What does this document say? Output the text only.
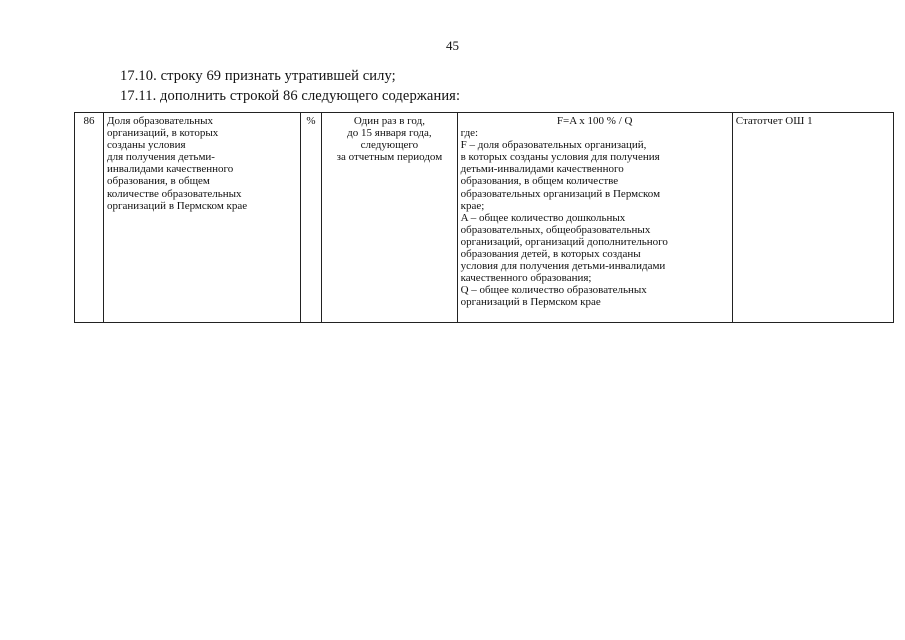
45
17.10. строку 69 признать утратившей силу;
17.11. дополнить строкой 86 следующего содержания:
86	Доля образовательных
организаций, в которых
созданы условия
для получения детьми-
инвалидами качественного
образования, в общем
количестве образовательных
организаций в Пермском крае
	%	Один раз в год,
до 15 января года,
следующего
за отчетным периодом

F=A x 100 % / Q
где:
F – доля образовательных организаций,
в которых созданы условия для получения
детьми-инвалидами качественного
образования, в общем количестве
образовательных организаций в Пермском
крае;
A – общее количество дошкольных
образовательных, общеобразовательных
организаций, организаций дополнительного
образования детей, в которых созданы
условия для получения детьми-инвалидами
качественного образования;
Q – общее количество образовательных
организаций в Пермском крае
	Статотчет ОШ 1
